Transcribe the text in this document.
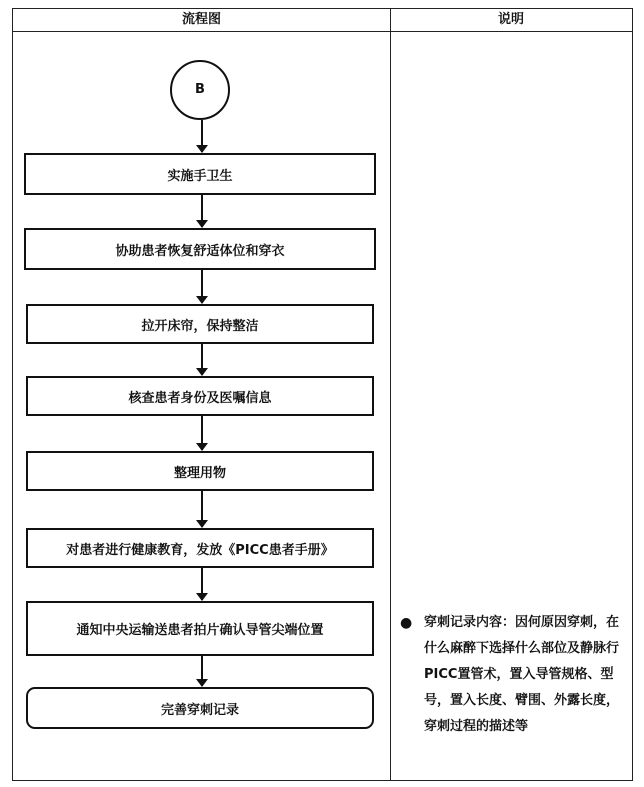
流程图	说明
B
实施手卫生
协助患者恢复舒适体位和穿衣
拉开床帘，保持整洁
核查患者身份及医嘱信息
整理用物
对患者进行健康教育，发放《PICC患者手册》
通知中央运输送患者拍片确认导管尖端位置
完善穿刺记录
● 穿刺记录内容：因何原因穿刺，在什么麻醉下选择什么部位及静脉行PICC置管术，置入导管规格、型号，置入长度、臂围、外露长度，穿刺过程的描述等
